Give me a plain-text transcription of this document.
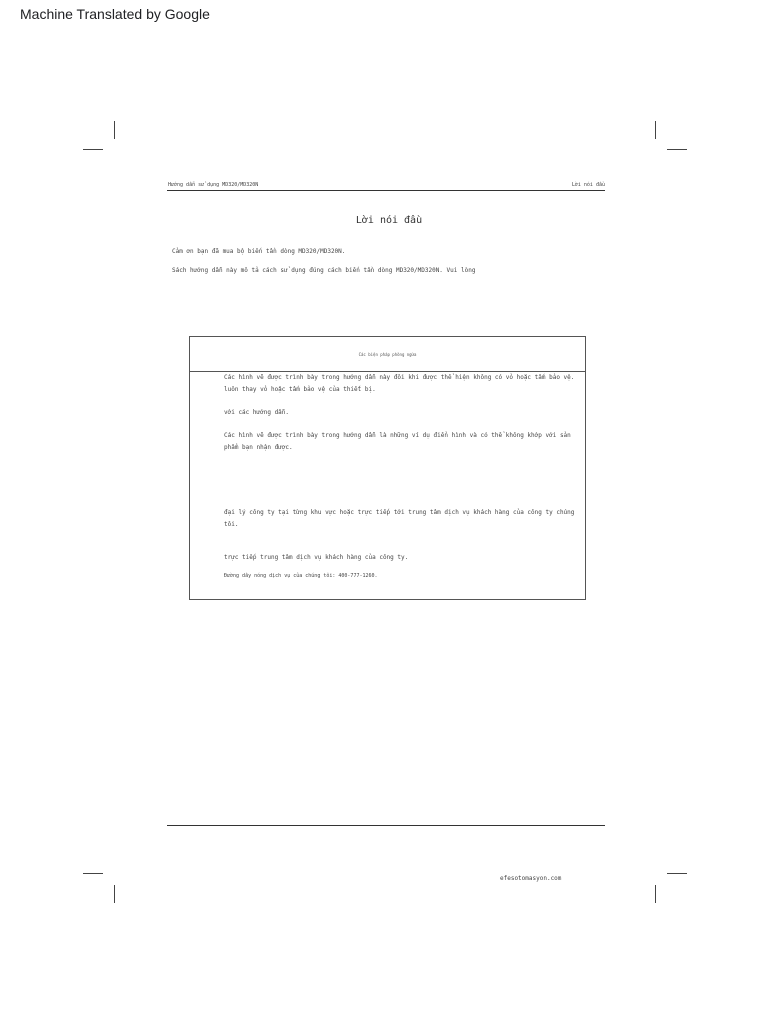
Machine Translated by Google
Hướng dẫn sử dụng MD320/MD320N	Lời nói đầu
Lời nói đầu
Cảm ơn bạn đã mua bộ biến tần dòng MD320/MD320N.
Sách hướng dẫn này mô tả cách sử dụng đúng cách biến tần dòng MD320/MD320N. Vui lòng
Các biện pháp phòng ngừa
Các hình vẽ được trình bày trong hướng dẫn này đôi khi được thể hiện không có vỏ hoặc tấm bảo vệ. luôn thay vỏ hoặc tấm bảo vệ của thiết bị.
với các hướng dẫn.
Các hình vẽ được trình bày trong hướng dẫn là những ví dụ điển hình và có thể không khớp với sản phẩm bạn nhận được.
đại lý công ty tại từng khu vực hoặc trực tiếp tới trung tâm dịch vụ khách hàng của công ty chúng tôi.
trực tiếp trung tâm dịch vụ khách hàng của công ty.
Đường dây nóng dịch vụ của chúng tôi: 400-777-1260.
efesotomasyon.com
